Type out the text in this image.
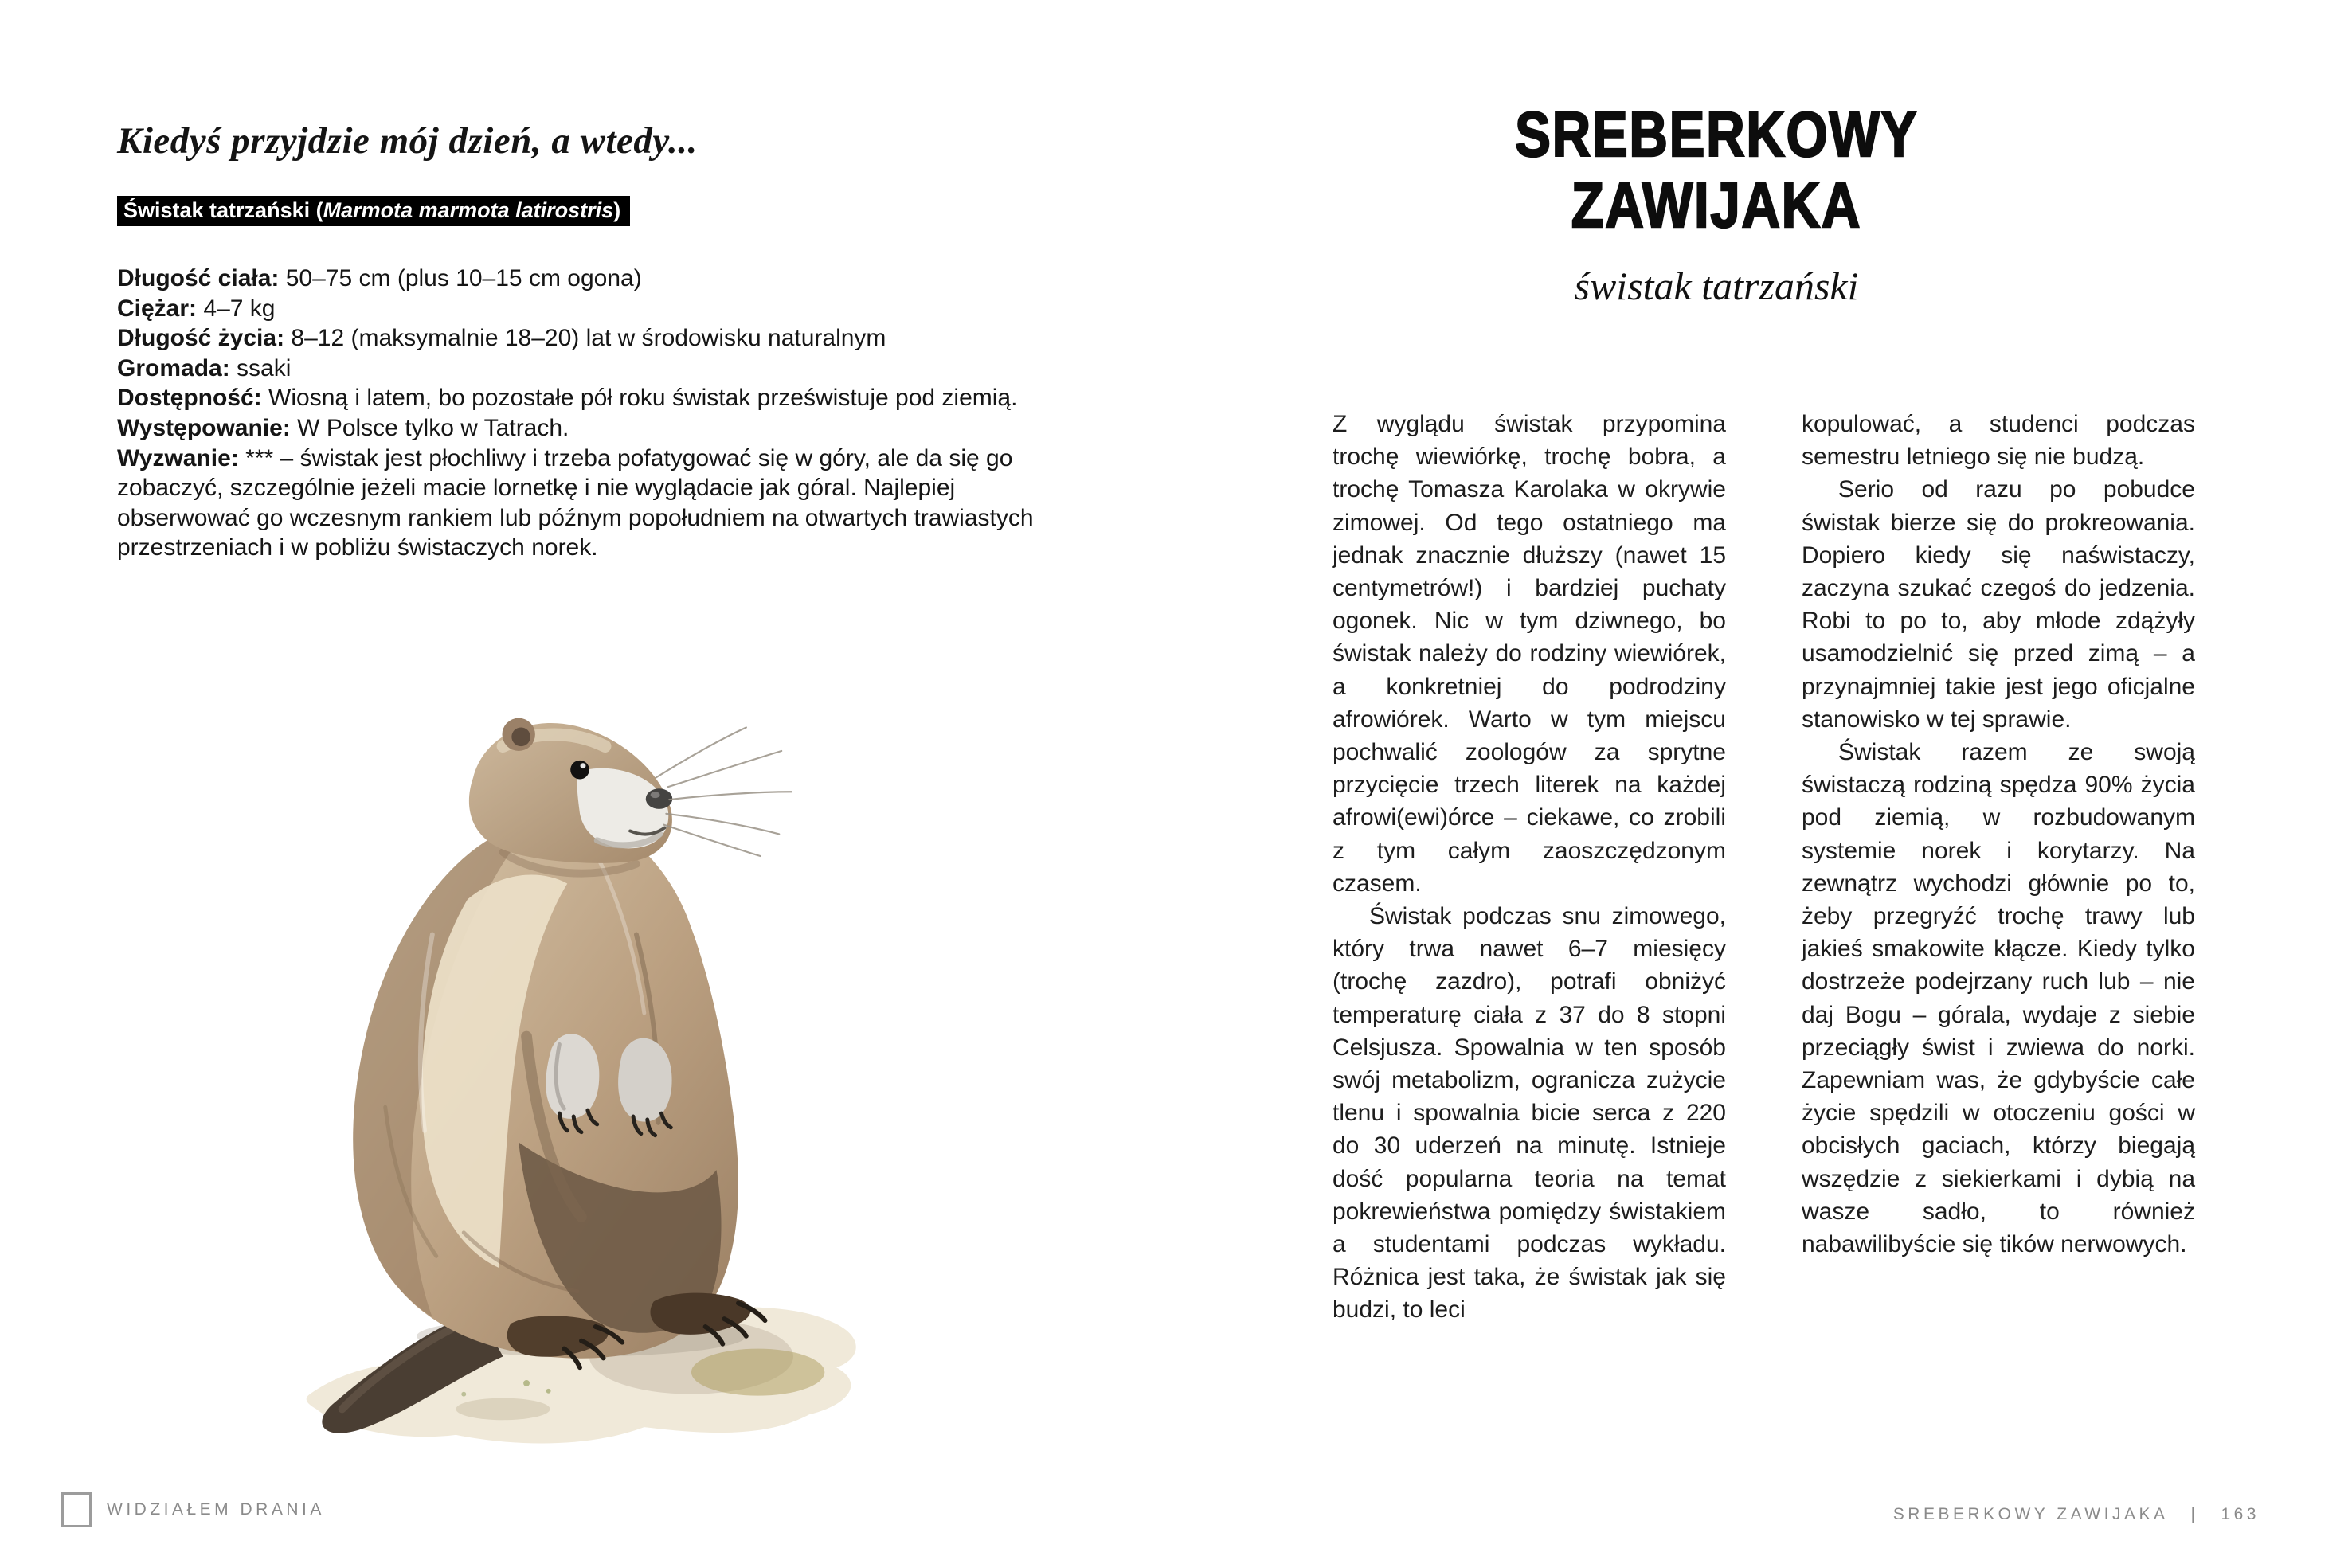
Kiedyś przyjdzie mój dzień, a wtedy...
Świstak tatrzański (Marmota marmota latirostris)

Długość ciała: 50–75 cm (plus 10–15 cm ogona)

Ciężar: 4–7 kg

Długość życia: 8–12 (maksymalnie 18–20) lat w środowisku naturalnym

Gromada: ssaki

Dostępność: Wiosną i latem, bo pozostałe pół roku świstak prześwistuje pod ziemią.

Występowanie: W Polsce tylko w Tatrach.

Wyzwanie: *** – świstak jest płochliwy i trzeba pofatygować się w góry, ale da się go zobaczyć, szczególnie jeżeli macie lornetkę i nie wyglądacie jak góral. Najlepiej obserwować go wczesnym rankiem lub późnym popołudniem na otwartych trawiastych przestrzeniach i w pobliżu świstaczych norek.

SREBERKOWY
ZAWIJAKA
świstak tatrzański

Z wyglądu świstak przypomina trochę wiewiórkę, trochę bobra, a trochę Tomasza Karolaka w okrywie zimowej. Od tego ostatniego ma jednak znacznie dłuższy (nawet 15 centymetrów!) i bardziej puchaty ogonek. Nic w tym dziwnego, bo świstak należy do rodziny wiewiórek, a konkretniej do podrodziny afrowiórek. Warto w tym miejscu pochwalić zoologów za sprytne przycięcie trzech literek na każdej afrowi(ewi)órce – ciekawe, co zrobili z tym całym zaoszczędzonym czasem.

Świstak podczas snu zimowego, który trwa nawet 6–7 miesięcy (trochę zazdro), potrafi obniżyć temperaturę ciała z 37 do 8 stopni Celsjusza. Spowalnia w ten sposób swój metabolizm, ogranicza zużycie tlenu i spowalnia bicie serca z 220 do 30 uderzeń na minutę. Istnieje dość popularna teoria na temat pokrewieństwa pomiędzy świstakiem a studentami podczas wykładu. Różnica jest taka, że świstak jak się budzi, to leci

kopulować, a studenci podczas semestru letniego się nie budzą.

Serio od razu po pobudce świstak bierze się do prokreowania. Dopiero kiedy się naświstaczy, zaczyna szukać czegoś do jedzenia. Robi to po to, aby młode zdążyły usamodzielnić się przed zimą – a przynajmniej takie jest jego oficjalne stanowisko w tej sprawie.

Świstak razem ze swoją świstaczą rodziną spędza 90% życia pod ziemią, w rozbudowanym systemie norek i korytarzy. Na zewnątrz wychodzi głównie po to, żeby przegryźć trochę trawy lub jakieś smakowite kłącze. Kiedy tylko dostrzeże podejrzany ruch lub – nie daj Bogu – górala, wydaje z siebie przeciągły świst i zwiewa do norki. Zapewniam was, że gdybyście całe życie spędzili w otoczeniu gości w obcisłych gaciach, którzy biegają wszędzie z siekierkami i dybią na wasze sadło, to również nabawilibyście się tików nerwowych.

WIDZIAŁEM DRANIA	SREBERKOWY ZAWIJAKA | 163
